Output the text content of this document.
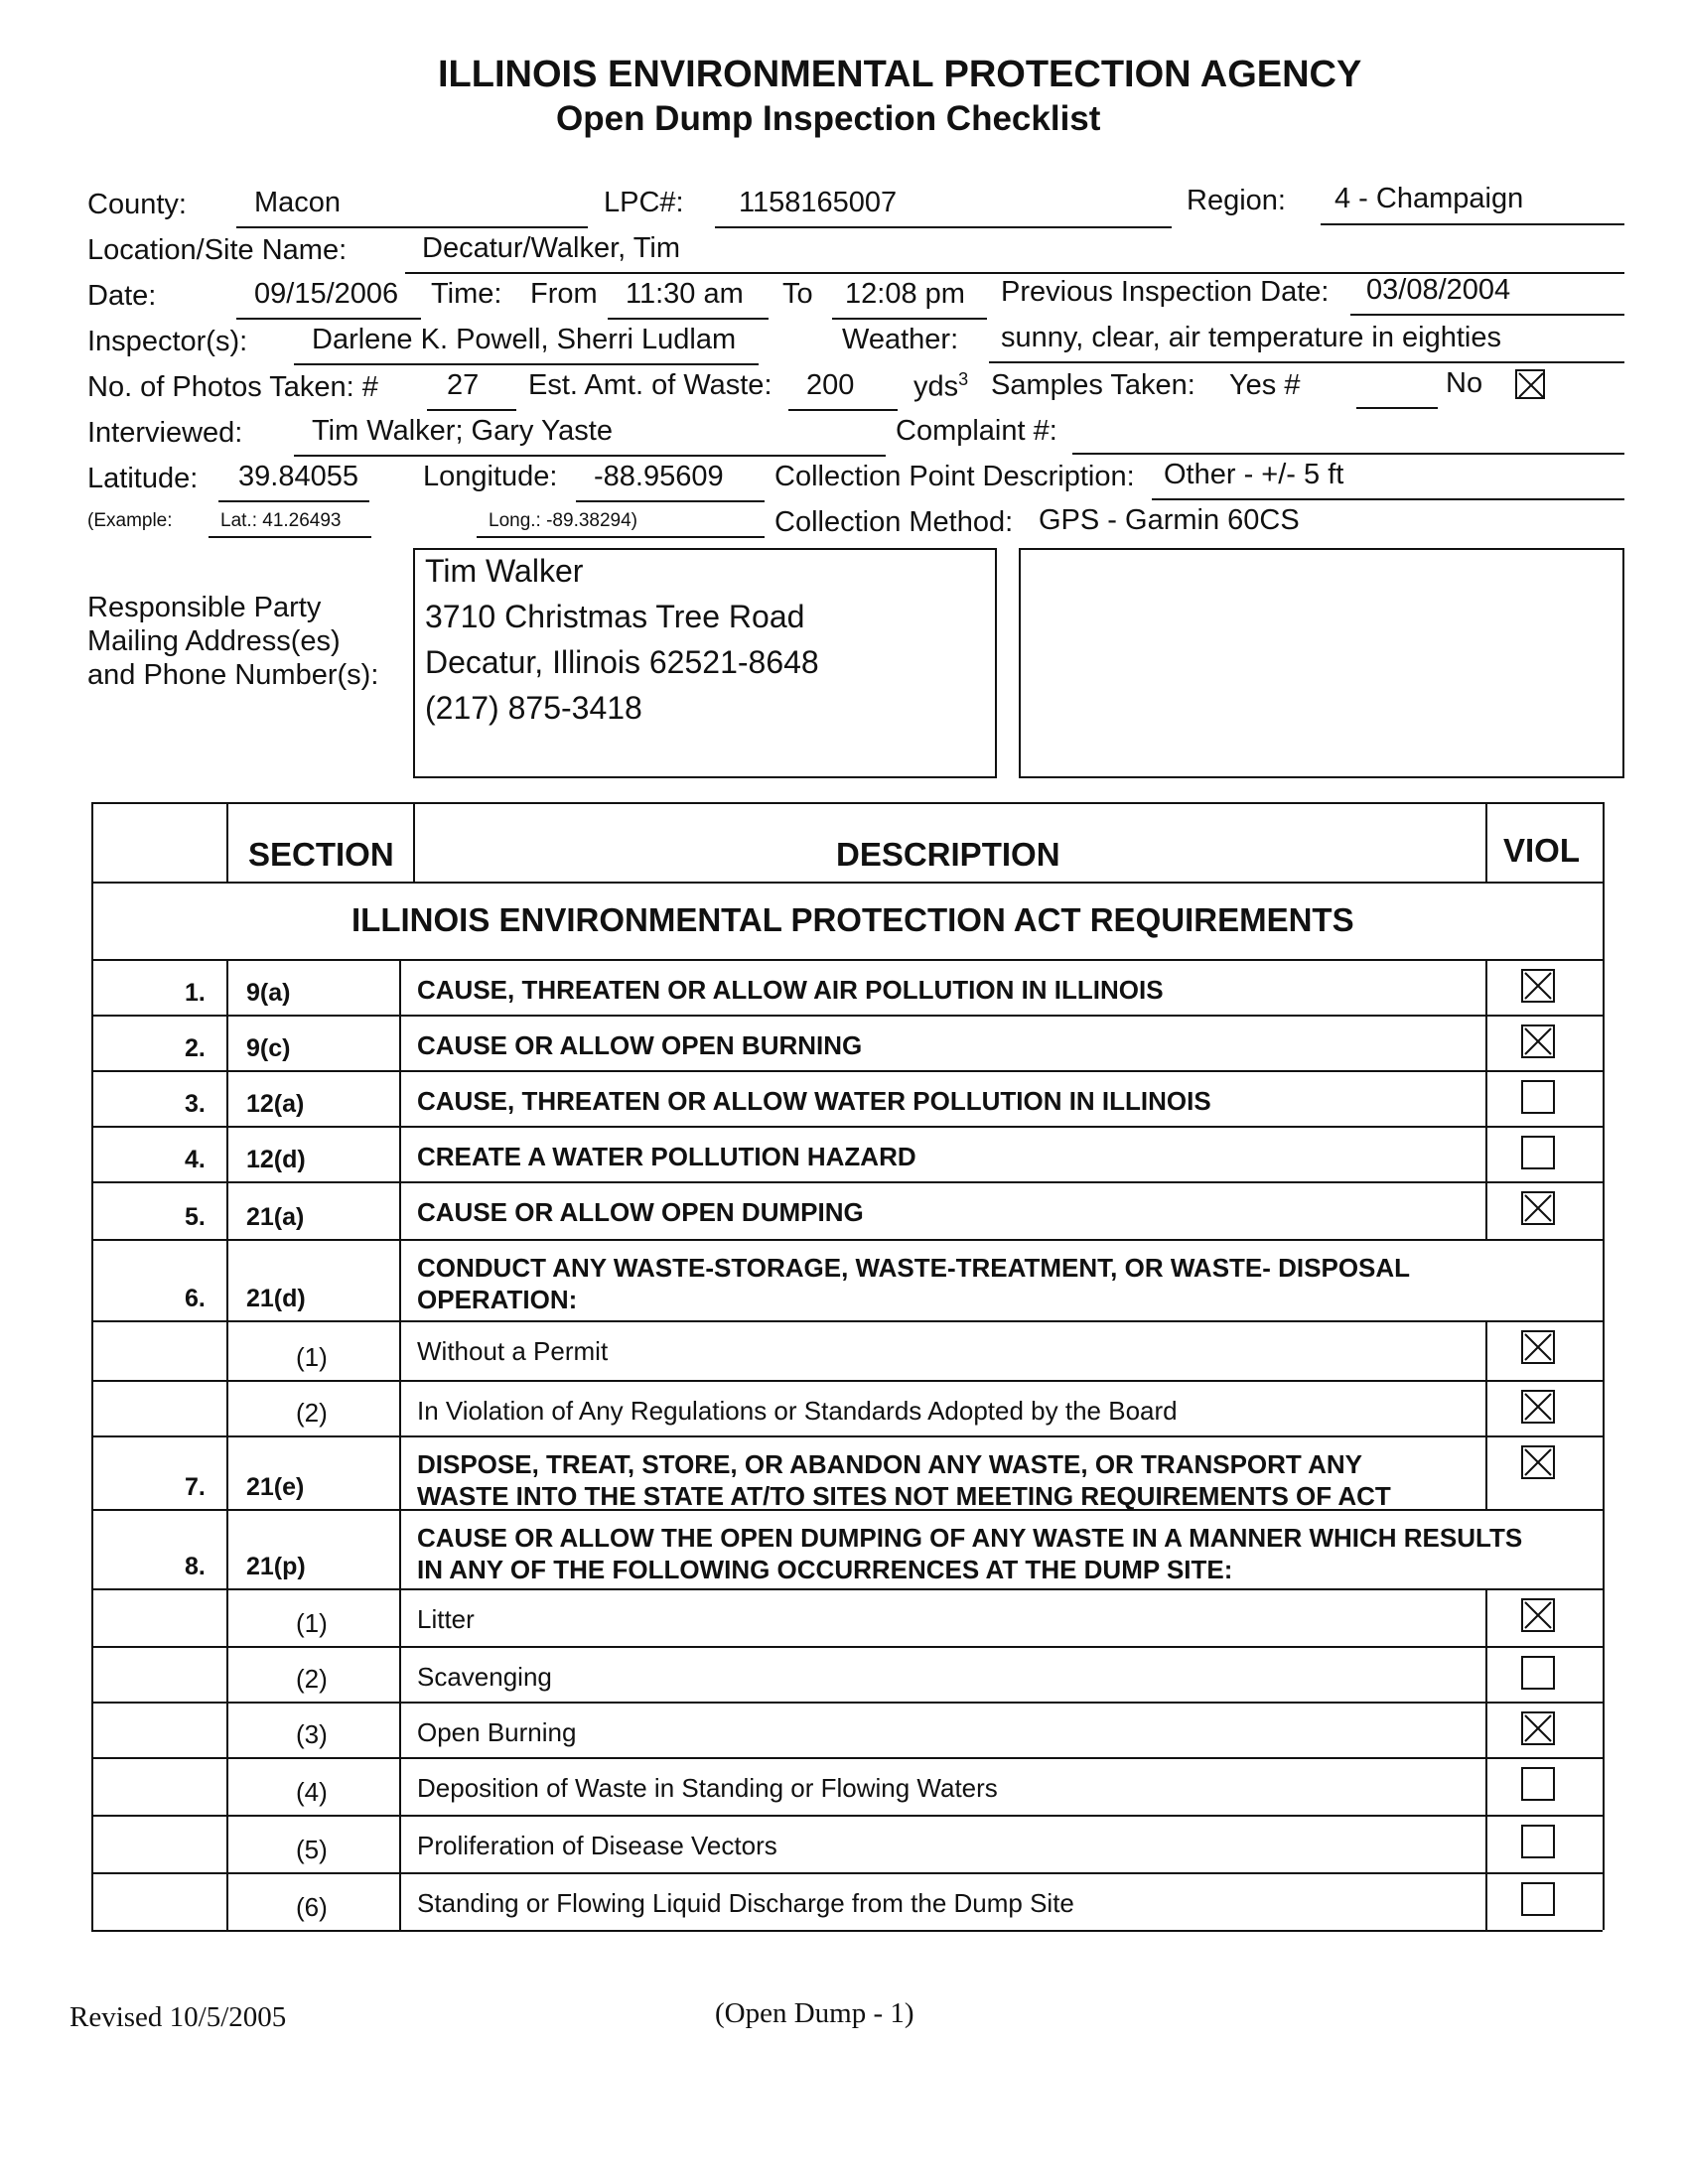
ILLINOIS ENVIRONMENTAL PROTECTION AGENCY
Open Dump Inspection Checklist
County: Macon	LPC#: 1158165007	Region: 4 - Champaign
Location/Site Name:	Decatur/Walker, Tim
Date:	09/15/2006 Time: From 11:30 am To 12:08 pm Previous Inspection Date: 03/08/2004
Inspector(s): Darlene K. Powell, Sherri Ludlam	Weather: sunny, clear, air temperature in eighties
No. of Photos Taken: # 27 Est. Amt. of Waste: 200 yds$^3$ Samples Taken: Yes #	No
Interviewed: Tim Walker; Gary Yaste	Complaint #:
Latitude: 39.84055 Longitude: -88.95609 Collection Point Description: Other - +/- 5 ft
(Example:	Lat.: 41.26493	Long.: -89.38294)	Collection Method: GPS - Garmin 60CS
Responsible Party
Mailing Address(es)
and Phone Number(s):
Tim Walker
3710 Christmas Tree Road
Decatur, Illinois 62521-8648
(217) 875-3418
SECTION	DESCRIPTION	VIOL
ILLINOIS ENVIRONMENTAL PROTECTION ACT REQUIREMENTS
1. 9(a)	CAUSE, THREATEN OR ALLOW AIR POLLUTION IN ILLINOIS
2. 9(c)	CAUSE OR ALLOW OPEN BURNING
3. 12(a)	CAUSE, THREATEN OR ALLOW WATER POLLUTION IN ILLINOIS
4. 12(d)	CREATE A WATER POLLUTION HAZARD
5. 21(a)	CAUSE OR ALLOW OPEN DUMPING
6. 21(d)
CONDUCT ANY WASTE-STORAGE, WASTE-TREATMENT, OR WASTE- DISPOSAL
OPERATION:
(1)	Without a Permit
(2)	In Violation of Any Regulations or Standards Adopted by the Board
7. 21(e)
DISPOSE, TREAT, STORE, OR ABANDON ANY WASTE, OR TRANSPORT ANY
WASTE INTO THE STATE AT/TO SITES NOT MEETING REQUIREMENTS OF ACT
8. 21(p)
CAUSE OR ALLOW THE OPEN DUMPING OF ANY WASTE IN A MANNER WHICH RESULTS
IN ANY OF THE FOLLOWING OCCURRENCES AT THE DUMP SITE:
(1)	Litter
(2)	Scavenging
(3)	Open Burning
(4)	Deposition of Waste in Standing or Flowing Waters
(5)	Proliferation of Disease Vectors
(6)	Standing or Flowing Liquid Discharge from the Dump Site
Revised 10/5/2005	(Open Dump - 1)
